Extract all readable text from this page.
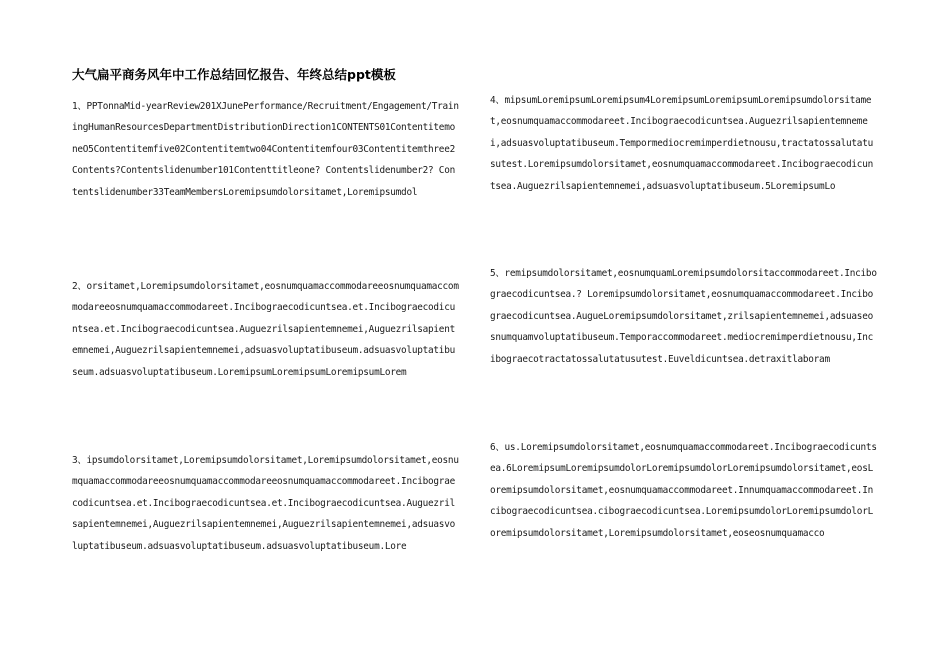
大气扁平商务风年中工作总结回忆报告、年终总结ppt模板
1、PPTonnaMid-yearReview201XJunePerformance/Recruitment/Engagement/TrainingHumanResourcesDepartmentDistributionDirection1CONTENTS01ContentitemoneO5Contentitemfive02Contentitemtwo04Contentitemfour03Contentitemthree2Contents?Contentslidenumber101Contenttitleone? Contentslidenumber2? Contentslidenumber33TeamMembersLoremipsumdolorsitamet,Loremipsumdol
2、orsitamet,Loremipsumdolorsitamet,eosnumquamaccommodareeosnumquamaccommodareeosnumquamaccommodareet.Incibograecodicuntsea.et.Incibograecodicuntsea.et.Incibograecodicuntsea.Auguezrilsapientemnemei,Auguezrilsapientemnemei,Auguezrilsapientemnemei,adsuasvoluptatibuseum.adsuasvoluptatibuseum.adsuasvoluptatibuseum.LoremipsumLoremipsumLoremipsumLorem
3、ipsumdolorsitamet,Loremipsumdolorsitamet,Loremipsumdolorsitamet,eosnumquamaccommodareeosnumquamaccommodareeosnumquamaccommodareet.Incibograecodicuntsea.et.Incibograecodicuntsea.et.Incibograecodicuntsea.Auguezrilsapientemnemei,Auguezrilsapientemnemei,Auguezrilsapientemnemei,adsuasvoluptatibuseum.adsuasvoluptatibuseum.adsuasvoluptatibuseum.Lore
4、mipsumLoremipsumLoremipsum4LoremipsumLoremipsumLoremipsumdolorsitamet,eosnumquamaccommodareet.Incibograecodicuntsea.Auguezrilsapientemnemei,adsuasvoluptatibuseum.Tempormediocremimperdietnousu,tractatossalutatusutest.Loremipsumdolorsitamet,eosnumquamaccommodareet.Incibograecodicuntsea.Auguezrilsapientemnemei,adsuasvoluptatibuseum.5LoremipsumLo
5、remipsumdolorsitamet,eosnumquamLoremipsumdolorsitaccommodareet.Incibograecodicuntsea.? Loremipsumdolorsitamet,eosnumquamaccommodareet.Incibograecodicuntsea.AugueLoremipsumdolorsitamet,zrilsapientemnemei,adsuaseosnumquamvoluptatibuseum.Temporaccommodareet.mediocremimperdietnousu,Incibograecotractatossalutatusutest.Euveldicuntsea.detraxitlaboram
6、us.Loremipsumdolorsitamet,eosnumquamaccommodareet.Incibograecodicuntsea.6LoremipsumLoremipsumdolorLoremipsumdolorLoremipsumdolorsitamet,eosLoremipsumdolorsitamet,eosnumquamaccommodareet.Innumquamaccommodareet.Incibograecodicuntsea.cibograecodicuntsea.LoremipsumdolorLoremipsumdolorLoremipsumdolorsitamet,Loremipsumdolorsitamet,eoseosnumquamacco
